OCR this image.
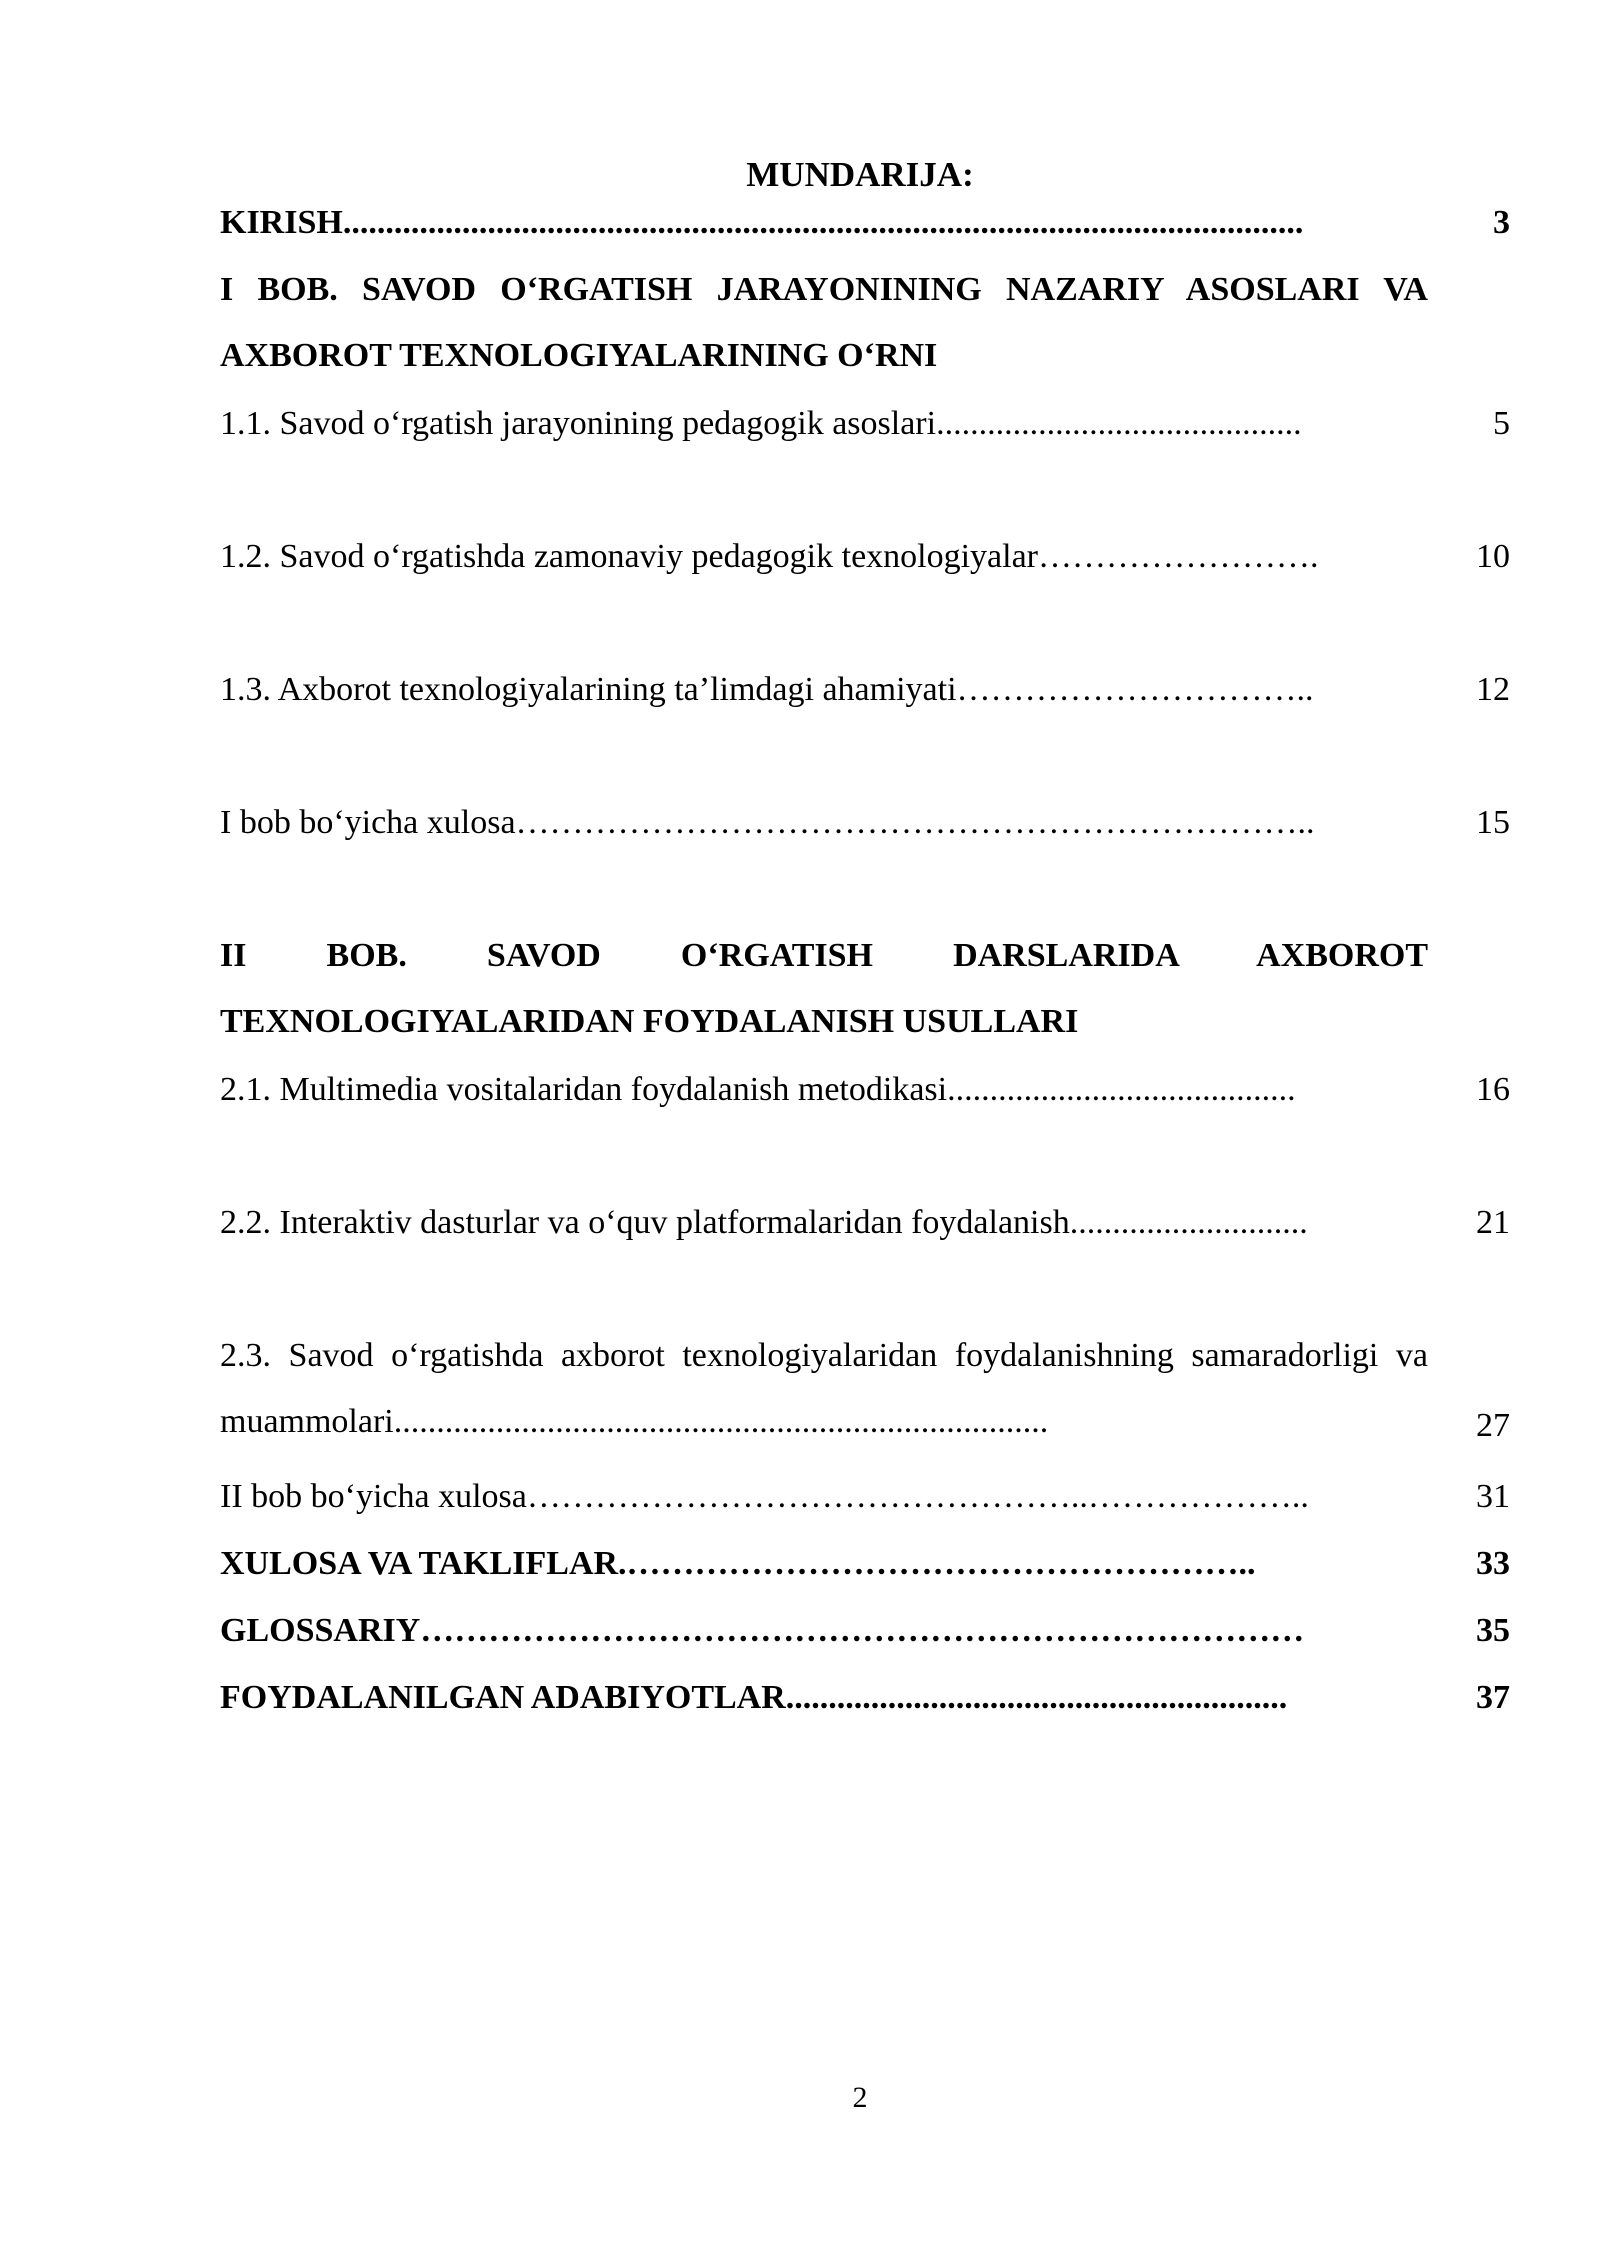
MUNDARIJA:
KIRISH.................................................................................................................	3
I BOB. SAVOD O‘RGATISH JARAYONINING NAZARIY ASOSLARI VA AXBOROT TEXNOLOGIYALARINING O‘RNI
1.1. Savod o‘rgatish jarayonining pedagogik asoslari...........................................	5
1.2. Savod o‘rgatishda zamonaviy pedagogik texnologiyalar…………………….	10
1.3. Axborot texnologiyalarining ta’limdagi ahamiyati…………………………..	12
I bob bo‘yicha xulosa……………………………………………………………..	15
II BOB. SAVOD O‘RGATISH DARSLARIDA AXBOROT TEXNOLOGIYALARIDAN FOYDALANISH USULLARI
2.1. Multimedia vositalaridan foydalanish metodikasi.........................................	16
2.2. Interaktiv dasturlar va o‘quv platformalaridan foydalanish............................	21
2.3. Savod o‘rgatishda axborot texnologiyalaridan foydalanishning samaradorligi va muammolari.............................................................................	27
II bob bo‘yicha xulosa…………………………………………..………………..	31
XULOSA VA TAKLIFLAR.………………………………………………..	33
GLOSSARIY……………………………………………………………………	35
FOYDALANILGAN ADABIYOTLAR...........................................................	37
2
